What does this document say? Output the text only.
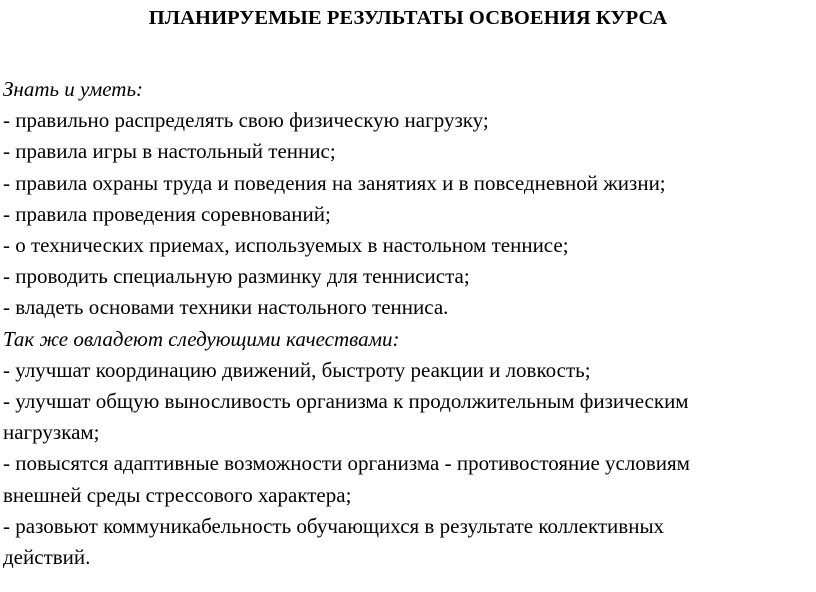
ПЛАНИРУЕМЫЕ РЕЗУЛЬТАТЫ ОСВОЕНИЯ КУРСА
Знать и уметь:
- правильно распределять свою физическую нагрузку;
- правила игры в настольный теннис;
- правила охраны труда и поведения на занятиях и в повседневной жизни;
- правила проведения соревнований;
- о технических приемах, используемых в настольном теннисе;
- проводить специальную разминку для теннисиста;
- владеть основами техники настольного тенниса.
Так же овладеют следующими качествами:
- улучшат координацию движений, быстроту реакции и ловкость;
- улучшат общую выносливость организма к продолжительным физическим
нагрузкам;
- повысятся адаптивные возможности организма - противостояние условиям
внешней среды стрессового характера;
- разовьют коммуникабельность обучающихся в результате коллективных
действий.
